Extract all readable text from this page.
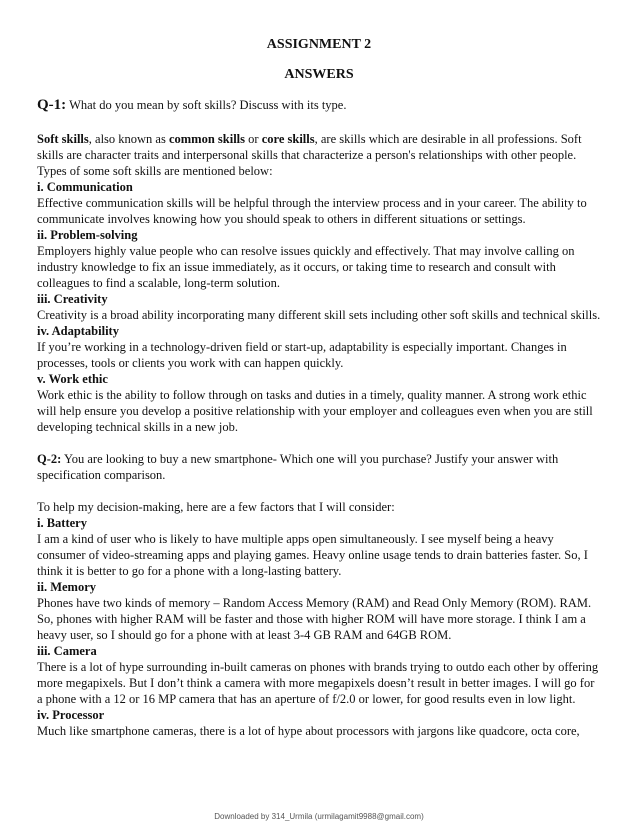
ASSIGNMENT 2
ANSWERS

Q-1: What do you mean by soft skills? Discuss with its type.

Soft skills, also known as common skills or core skills, are skills which are desirable in all professions. Soft skills are character traits and interpersonal skills that characterize a person's relationships with other people. Types of some soft skills are mentioned below:

i. Communication

Effective communication skills will be helpful through the interview process and in your career. The ability to communicate involves knowing how you should speak to others in different situations or settings.

ii. Problem-solving

Employers highly value people who can resolve issues quickly and effectively. That may involve calling on industry knowledge to fix an issue immediately, as it occurs, or taking time to research and consult with colleagues to find a scalable, long-term solution.

iii. Creativity

Creativity is a broad ability incorporating many different skill sets including other soft skills and technical skills.

iv. Adaptability

If you’re working in a technology-driven field or start-up, adaptability is especially important. Changes in processes, tools or clients you work with can happen quickly.

v. Work ethic

Work ethic is the ability to follow through on tasks and duties in a timely, quality manner. A strong work ethic will help ensure you develop a positive relationship with your employer and colleagues even when you are still developing technical skills in a new job.

Q-2: You are looking to buy a new smartphone- Which one will you purchase? Justify your answer with specification comparison.

To help my decision-making, here are a few factors that I will consider:

i. Battery

I am a kind of user who is likely to have multiple apps open simultaneously. I see myself being a heavy consumer of video-streaming apps and playing games. Heavy online usage tends to drain batteries faster. So, I think it is better to go for a phone with a long-lasting battery.

ii. Memory

Phones have two kinds of memory – Random Access Memory (RAM) and Read Only Memory (ROM). RAM. So, phones with higher RAM will be faster and those with higher ROM will have more storage. I think I am a heavy user, so I should go for a phone with at least 3-4 GB RAM and 64GB ROM.

iii. Camera

There is a lot of hype surrounding in-built cameras on phones with brands trying to outdo each other by offering more megapixels. But I don’t think a camera with more megapixels doesn’t result in better images. I will go for a phone with a 12 or 16 MP camera that has an aperture of f/2.0 or lower, for good results even in low light.

iv. Processor

Much like smartphone cameras, there is a lot of hype about processors with jargons like quadcore, octa core,

Downloaded by 314_Urmila (urmilagamit9988@gmail.com)
